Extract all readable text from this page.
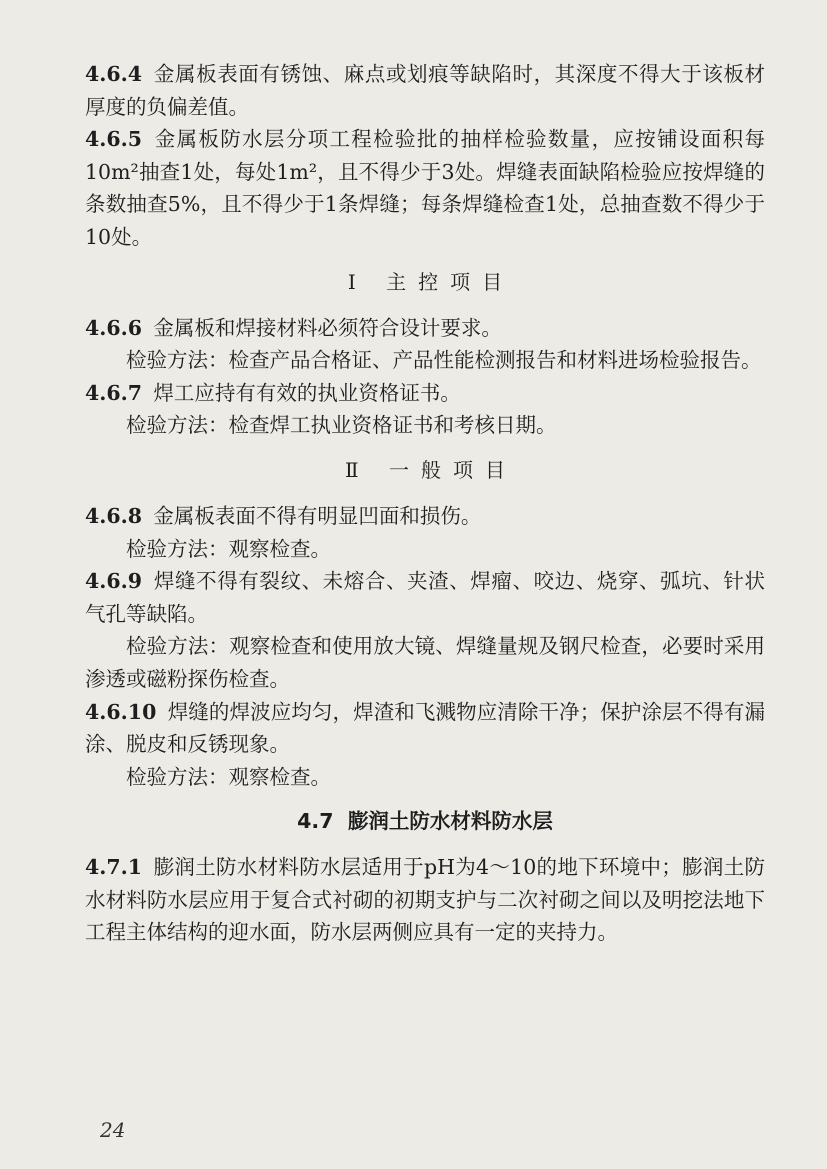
4.6.4 金属板表面有锈蚀、麻点或划痕等缺陷时，其深度不得大于该板材厚度的负偏差值。

4.6.5 金属板防水层分项工程检验批的抽样检验数量，应按铺设面积每10m²抽查1处，每处1m²，且不得少于3处。焊缝表面缺陷检验应按焊缝的条数抽查5%，且不得少于1条焊缝；每条焊缝检查1处，总抽查数不得少于10处。

Ⅰ 主控项目

4.6.6 金属板和焊接材料必须符合设计要求。

检验方法：检查产品合格证、产品性能检测报告和材料进场检验报告。

4.6.7 焊工应持有有效的执业资格证书。

检验方法：检查焊工执业资格证书和考核日期。

Ⅱ 一般项目

4.6.8 金属板表面不得有明显凹面和损伤。

检验方法：观察检查。

4.6.9 焊缝不得有裂纹、未熔合、夹渣、焊瘤、咬边、烧穿、弧坑、针状气孔等缺陷。

检验方法：观察检查和使用放大镜、焊缝量规及钢尺检查，必要时采用渗透或磁粉探伤检查。

4.6.10 焊缝的焊波应均匀，焊渣和飞溅物应清除干净；保护涂层不得有漏涂、脱皮和反锈现象。

检验方法：观察检查。

4.7 膨润土防水材料防水层

4.7.1 膨润土防水材料防水层适用于pH为4～10的地下环境中；膨润土防水材料防水层应用于复合式衬砌的初期支护与二次衬砌之间以及明挖法地下工程主体结构的迎水面，防水层两侧应具有一定的夹持力。

24
